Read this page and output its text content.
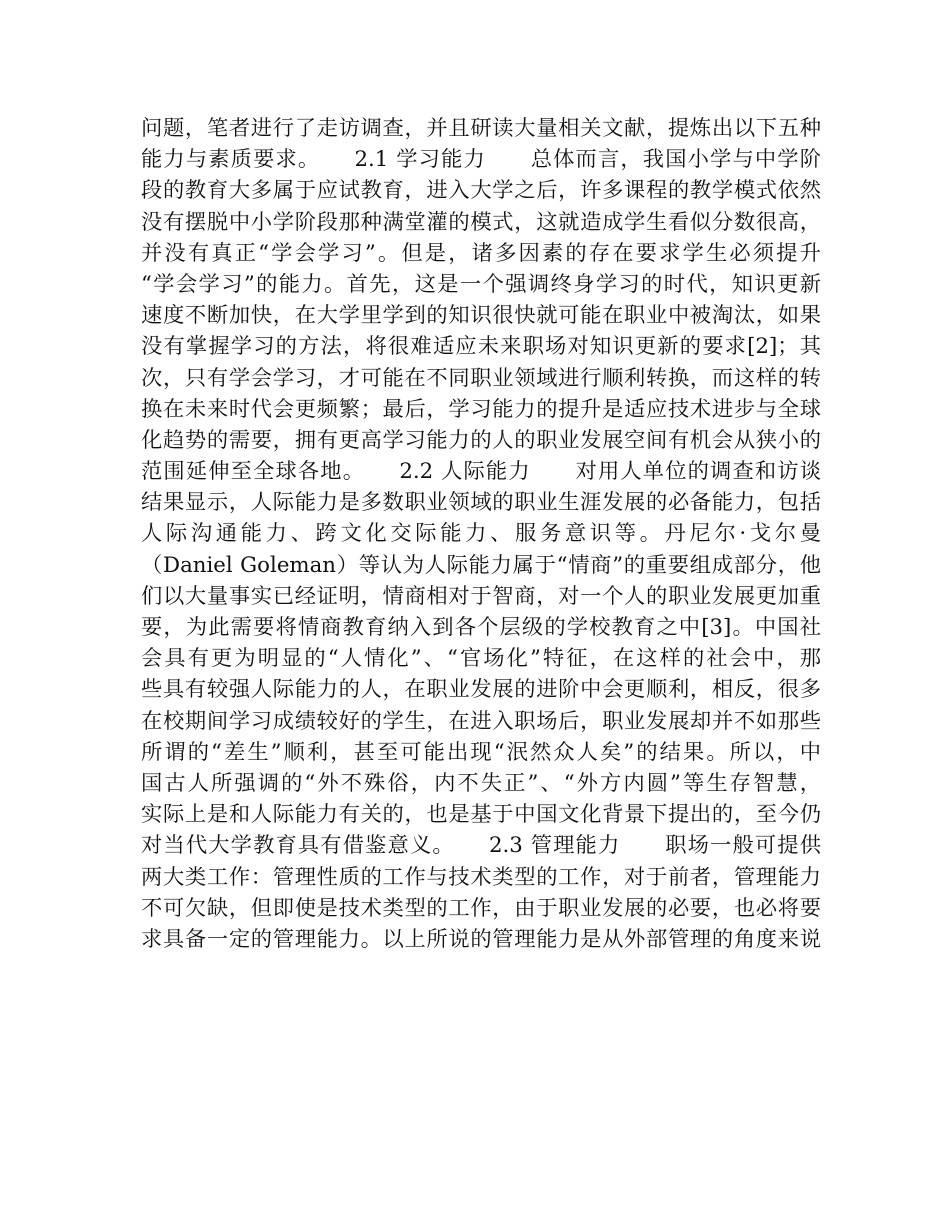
问题，笔者进行了走访调查，并且研读大量相关文献，提炼出以下五种
能力与素质要求。　　2.1 学习能力　　总体而言，我国小学与中学阶
段的教育大多属于应试教育，进入大学之后，许多课程的教学模式依然
没有摆脱中小学阶段那种满堂灌的模式，这就造成学生看似分数很高，
并没有真正“学会学习”。但是，诸多因素的存在要求学生必须提升
“学会学习”的能力。首先，这是一个强调终身学习的时代，知识更新
速度不断加快，在大学里学到的知识很快就可能在职业中被淘汰，如果
没有掌握学习的方法，将很难适应未来职场对知识更新的要求[2]；其
次，只有学会学习，才可能在不同职业领域进行顺利转换，而这样的转
换在未来时代会更频繁；最后，学习能力的提升是适应技术进步与全球
化趋势的需要，拥有更高学习能力的人的职业发展空间有机会从狭小的
范围延伸至全球各地。　　2.2 人际能力　　对用人单位的调查和访谈
结果显示，人际能力是多数职业领域的职业生涯发展的必备能力，包括
人际沟通能力、跨文化交际能力、服务意识等。丹尼尔·戈尔曼
（Daniel Goleman）等认为人际能力属于“情商”的重要组成部分，他
们以大量事实已经证明，情商相对于智商，对一个人的职业发展更加重
要，为此需要将情商教育纳入到各个层级的学校教育之中[3]。中国社
会具有更为明显的“人情化”、“官场化”特征，在这样的社会中，那
些具有较强人际能力的人，在职业发展的进阶中会更顺利，相反，很多
在校期间学习成绩较好的学生，在进入职场后，职业发展却并不如那些
所谓的“差生”顺利，甚至可能出现“泯然众人矣”的结果。所以，中
国古人所强调的“外不殊俗，内不失正”、“外方内圆”等生存智慧，
实际上是和人际能力有关的，也是基于中国文化背景下提出的，至今仍
对当代大学教育具有借鉴意义。　　2.3 管理能力　　职场一般可提供
两大类工作：管理性质的工作与技术类型的工作，对于前者，管理能力
不可欠缺，但即使是技术类型的工作，由于职业发展的必要，也必将要
求具备一定的管理能力。以上所说的管理能力是从外部管理的角度来说
